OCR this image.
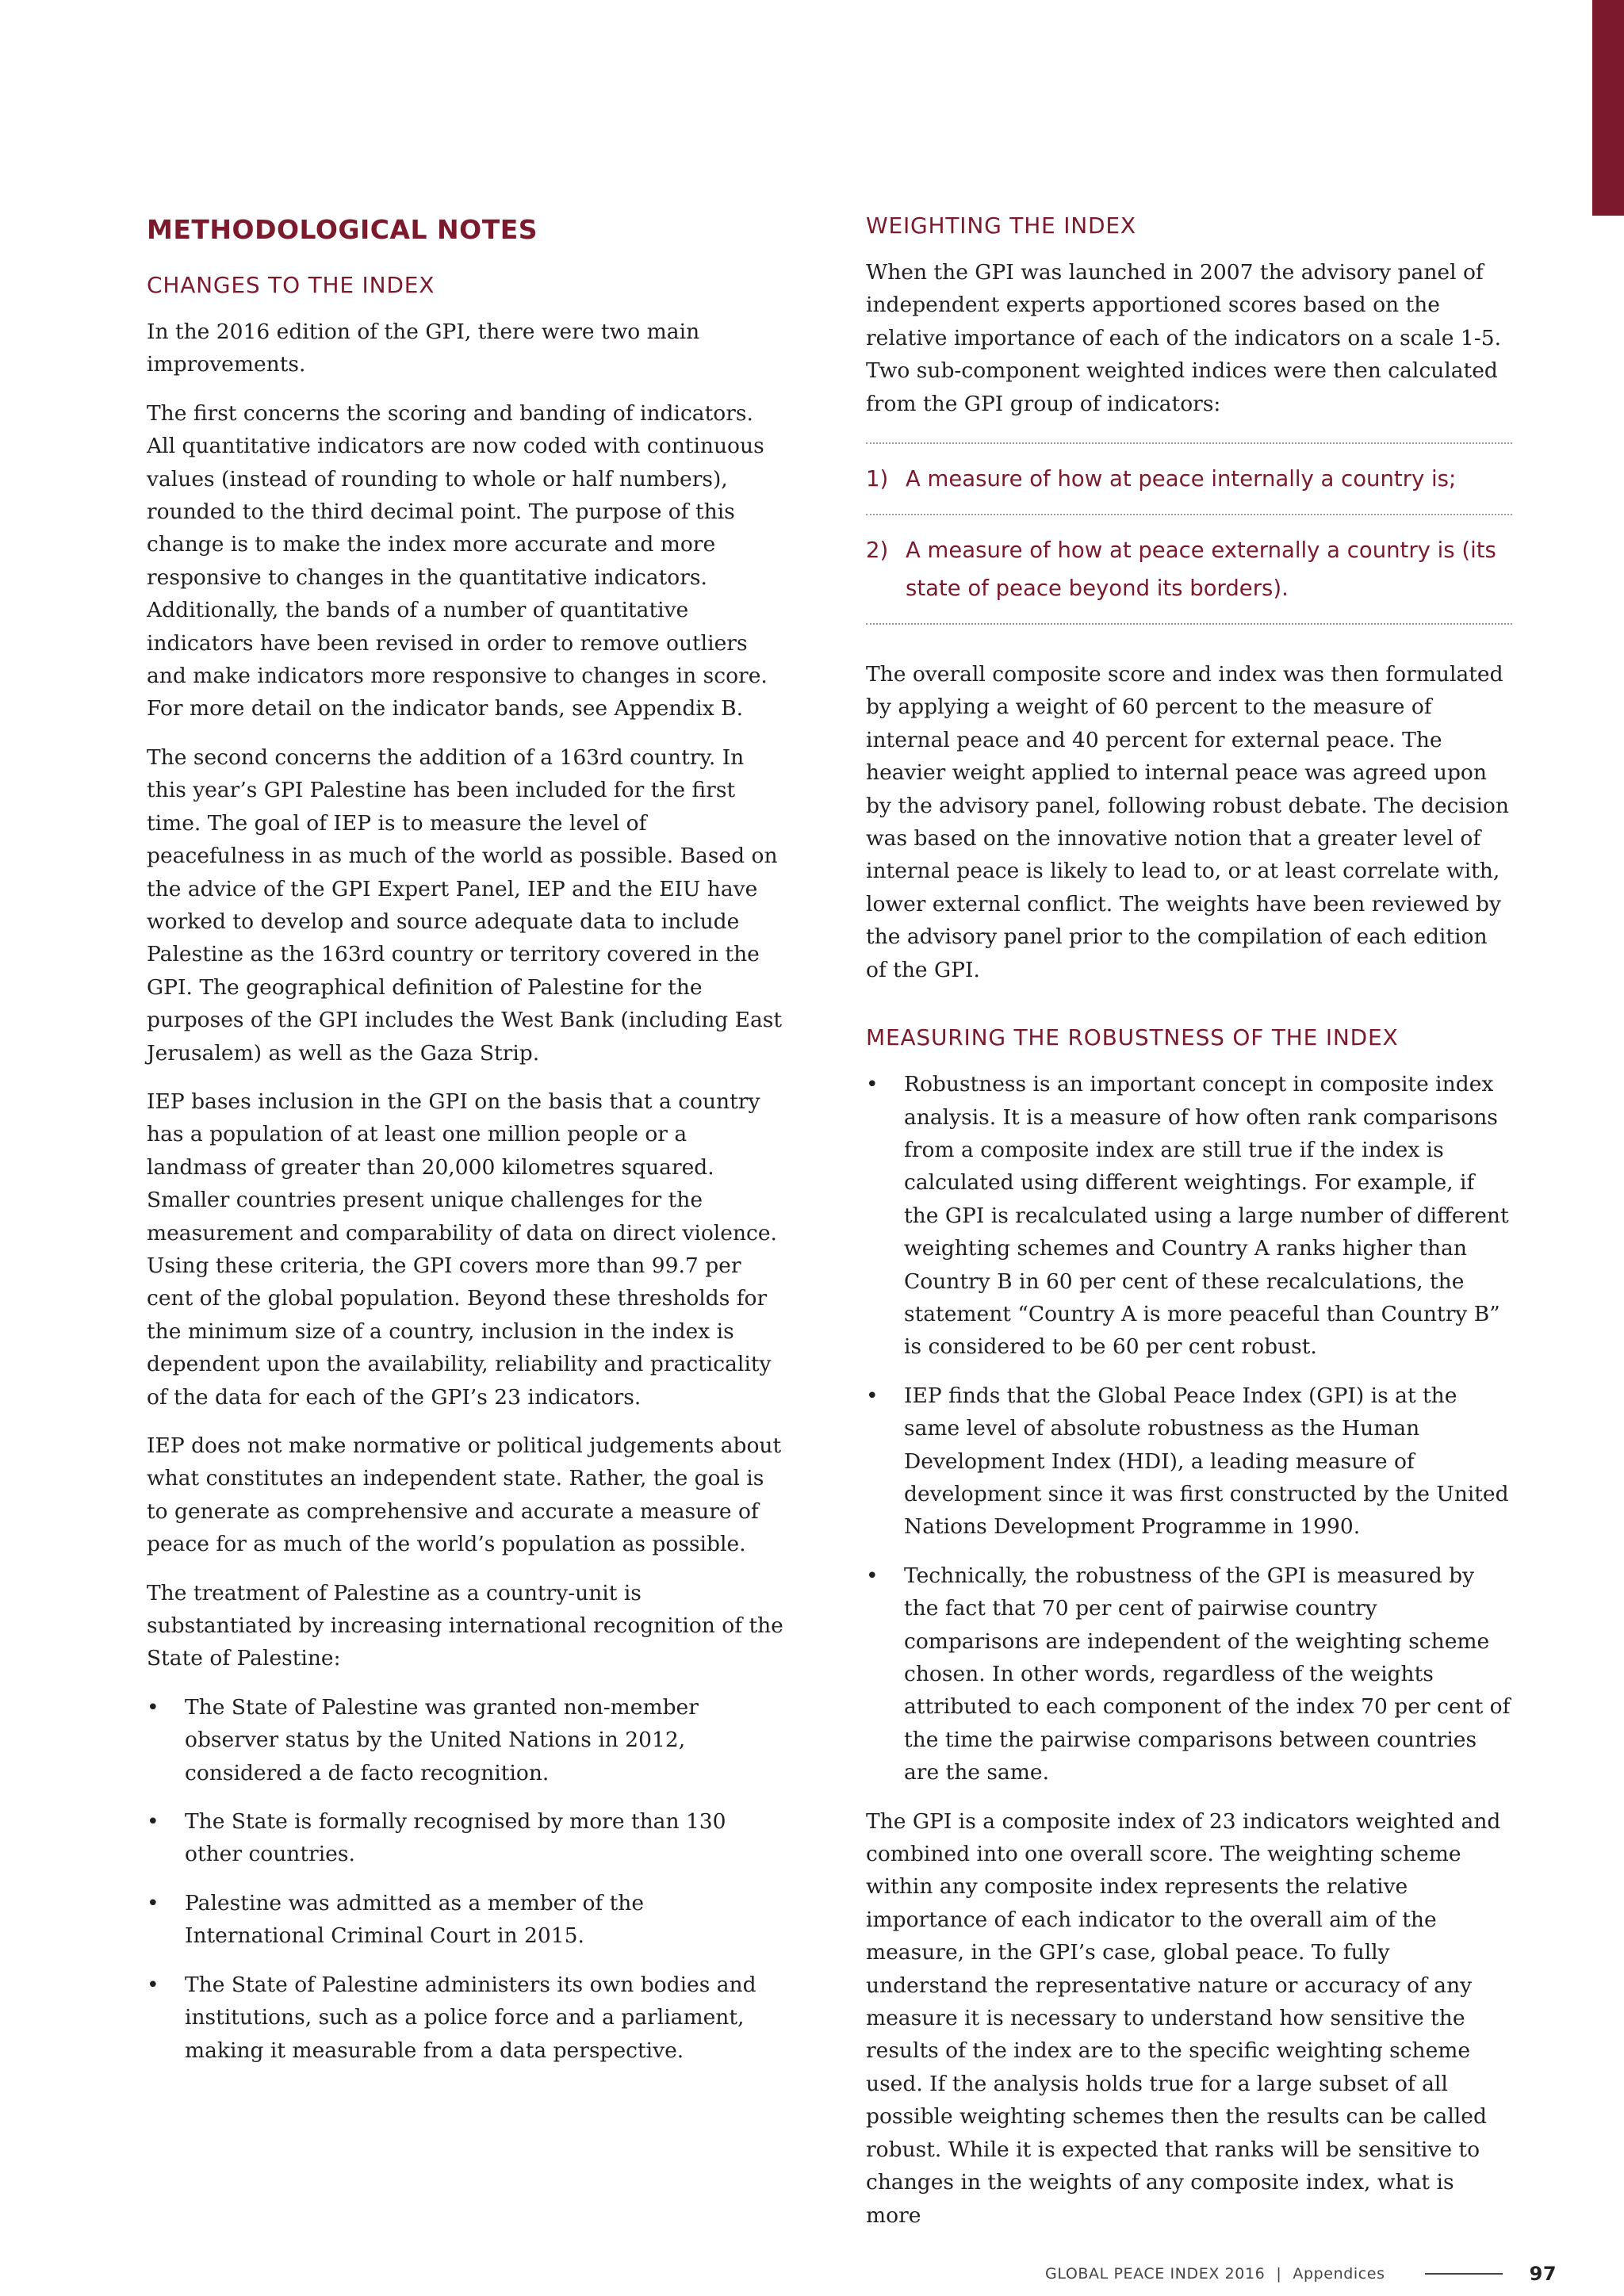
METHODOLOGICAL NOTES
CHANGES TO THE INDEX

In the 2016 edition of the GPI, there were two main improvements.

The first concerns the scoring and banding of indicators. All quantitative indicators are now coded with continuous values (instead of rounding to whole or half numbers), rounded to the third decimal point. The purpose of this change is to make the index more accurate and more responsive to changes in the quantitative indicators. Additionally, the bands of a number of quantitative indicators have been revised in order to remove outliers and make indicators more responsive to changes in score. For more detail on the indicator bands, see Appendix B.

The second concerns the addition of a 163rd country. In this year’s GPI Palestine has been included for the first time. The goal of IEP is to measure the level of peacefulness in as much of the world as possible. Based on the advice of the GPI Expert Panel, IEP and the EIU have worked to develop and source adequate data to include Palestine as the 163rd country or territory covered in the GPI. The geographical definition of Palestine for the purposes of the GPI includes the West Bank (including East Jerusalem) as well as the Gaza Strip.

IEP bases inclusion in the GPI on the basis that a country has a population of at least one million people or a landmass of greater than 20,000 kilometres squared. Smaller countries present unique challenges for the measurement and comparability of data on direct violence. Using these criteria, the GPI covers more than 99.7 per cent of the global population. Beyond these thresholds for the minimum size of a country, inclusion in the index is dependent upon the availability, reliability and practicality of the data for each of the GPI’s 23 indicators.

IEP does not make normative or political judgements about what constitutes an independent state. Rather, the goal is to generate as comprehensive and accurate a measure of peace for as much of the world’s population as possible.

The treatment of Palestine as a country-unit is substantiated by increasing international recognition of the State of Palestine:

• The State of Palestine was granted non-member observer status by the United Nations in 2012, considered a de facto recognition.
• The State is formally recognised by more than 130 other countries.
• Palestine was admitted as a member of the International Criminal Court in 2015.
• The State of Palestine administers its own bodies and institutions, such as a police force and a parliament, making it measurable from a data perspective.
WEIGHTING THE INDEX

When the GPI was launched in 2007 the advisory panel of independent experts apportioned scores based on the relative importance of each of the indicators on a scale 1-5. Two sub-component weighted indices were then calculated from the GPI group of indicators:

1) A measure of how at peace internally a country is;
2) A measure of how at peace externally a country is (its state of peace beyond its borders).

The overall composite score and index was then formulated by applying a weight of 60 percent to the measure of internal peace and 40 percent for external peace. The heavier weight applied to internal peace was agreed upon by the advisory panel, following robust debate. The decision was based on the innovative notion that a greater level of internal peace is likely to lead to, or at least correlate with, lower external conflict. The weights have been reviewed by the advisory panel prior to the compilation of each edition of the GPI.

MEASURING THE ROBUSTNESS OF THE INDEX
• Robustness is an important concept in composite index analysis. It is a measure of how often rank comparisons from a composite index are still true if the index is calculated using different weightings. For example, if the GPI is recalculated using a large number of different weighting schemes and Country A ranks higher than Country B in 60 per cent of these recalculations, the statement “Country A is more peaceful than Country B” is considered to be 60 per cent robust.
• IEP finds that the Global Peace Index (GPI) is at the same level of absolute robustness as the Human Development Index (HDI), a leading measure of development since it was first constructed by the United Nations Development Programme in 1990.
• Technically, the robustness of the GPI is measured by the fact that 70 per cent of pairwise country comparisons are independent of the weighting scheme chosen. In other words, regardless of the weights attributed to each component of the index 70 per cent of the time the pairwise comparisons between countries are the same.

The GPI is a composite index of 23 indicators weighted and combined into one overall score. The weighting scheme within any composite index represents the relative importance of each indicator to the overall aim of the measure, in the GPI’s case, global peace. To fully understand the representative nature or accuracy of any measure it is necessary to understand how sensitive the results of the index are to the specific weighting scheme used. If the analysis holds true for a large subset of all possible weighting schemes then the results can be called robust. While it is expected that ranks will be sensitive to changes in the weights of any composite index, what is more

GLOBAL PEACE INDEX 2016 | Appendices	97
